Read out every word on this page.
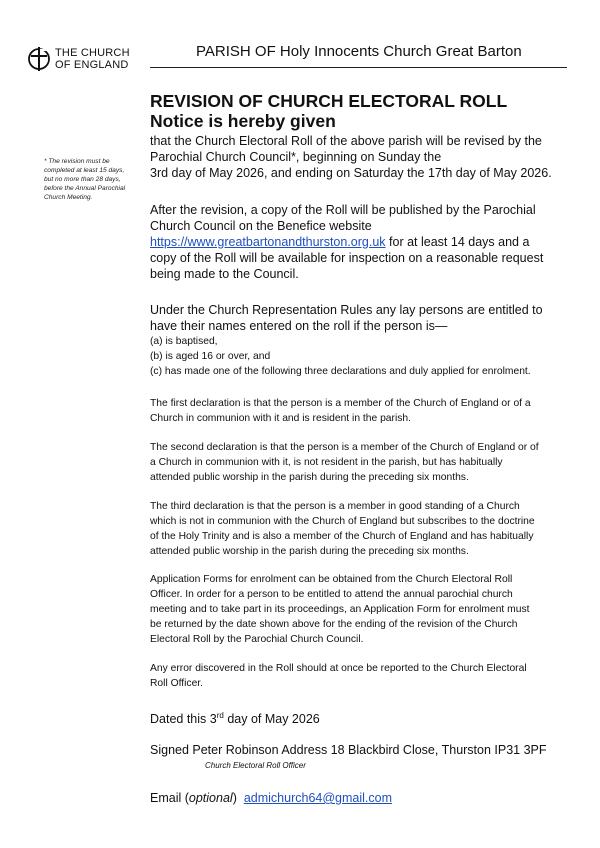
THE CHURCH
OF ENGLAND
PARISH OF Holy Innocents Church Great Barton
* The revision must be completed at least 15 days, but no more than 28 days, before the Annual Parochial Church Meeting.
REVISION OF CHURCH ELECTORAL ROLL
Notice is hereby given
that the Church Electoral Roll of the above parish will be revised by the
Parochial Church Council*, beginning on Sunday the
3rd day of May 2026, and ending on Saturday the 17th day of May 2026.
After the revision, a copy of the Roll will be published by the Parochial
Church Council on the Benefice website
https://www.greatbartonandthurston.org.uk for at least 14 days and a
copy of the Roll will be available for inspection on a reasonable request
being made to the Council.
Under the Church Representation Rules any lay persons are entitled to
have their names entered on the roll if the person is—
(a) is baptised,
(b) is aged 16 or over, and
(c) has made one of the following three declarations and duly applied for enrolment.
The first declaration is that the person is a member of the Church of England or of a
Church in communion with it and is resident in the parish.
The second declaration is that the person is a member of the Church of England or of
a Church in communion with it, is not resident in the parish, but has habitually
attended public worship in the parish during the preceding six months.
The third declaration is that the person is a member in good standing of a Church
which is not in communion with the Church of England but subscribes to the doctrine
of the Holy Trinity and is also a member of the Church of England and has habitually
attended public worship in the parish during the preceding six months.
Application Forms for enrolment can be obtained from the Church Electoral Roll
Officer. In order for a person to be entitled to attend the annual parochial church
meeting and to take part in its proceedings, an Application Form for enrolment must
be returned by the date shown above for the ending of the revision of the Church
Electoral Roll by the Parochial Church Council.
Any error discovered in the Roll should at once be reported to the Church Electoral
Roll Officer.
Dated this 3rd day of May 2026
Signed Peter Robinson Address 18 Blackbird Close, Thurston IP31 3PF
Church Electoral Roll Officer
Email (optional) admichurch64@gmail.com
